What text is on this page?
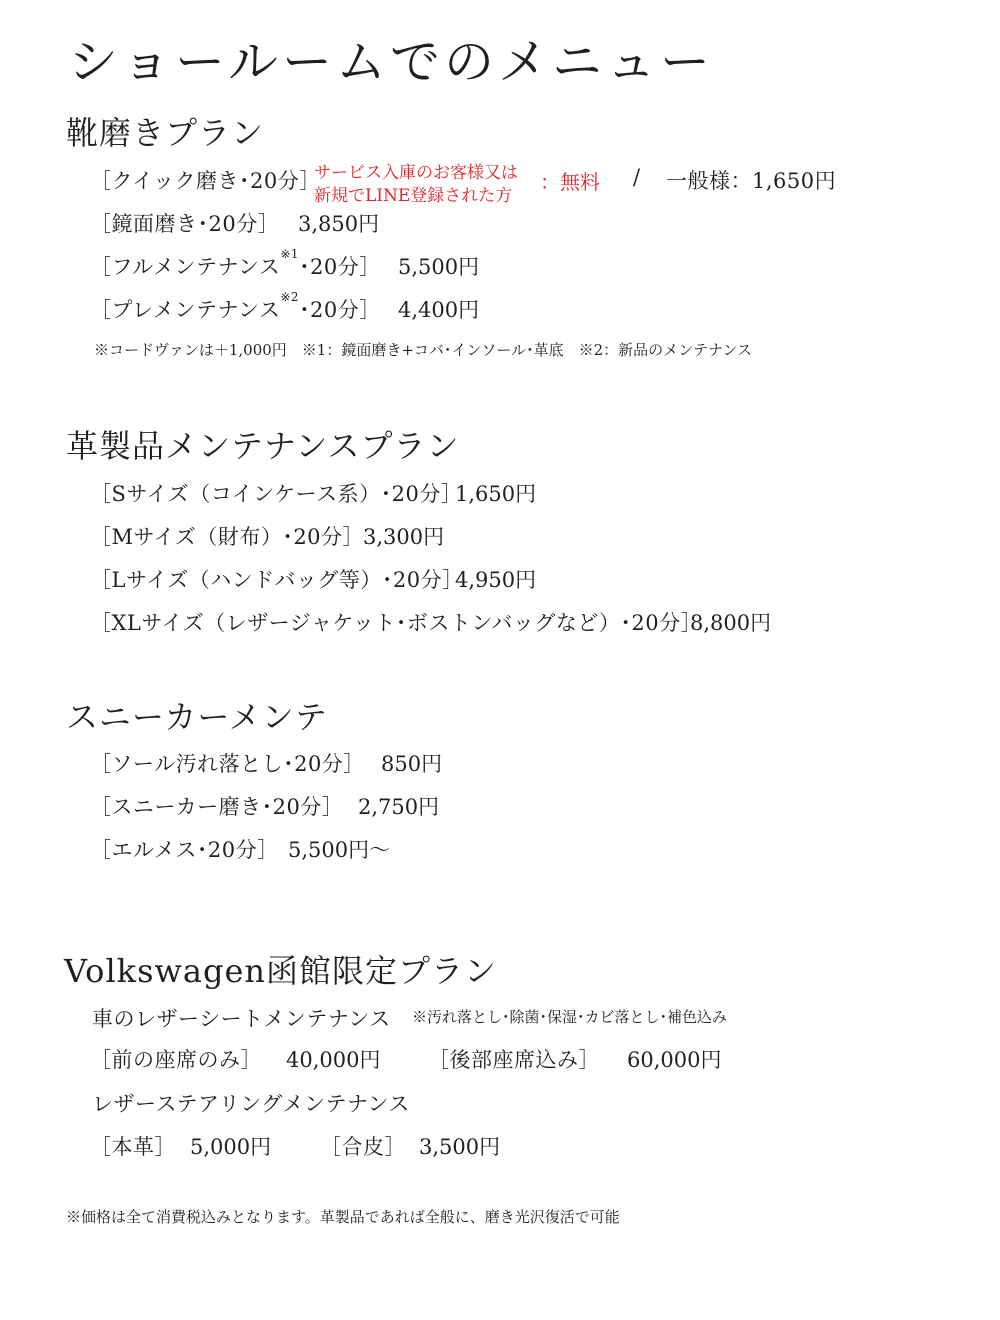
ショールームでのメニュー
靴磨きプラン
［クイック磨き･20分］
サービス入庫のお客様又は
新規でLINE登録された方
：無料 / 一般様：1,650円
［鏡面磨き･20分］ 3,850円
［フルメンテナンス$^{※1}$･20分］ 5,500円
［プレメンテナンス$^{※2}$･20分］ 4,400円
※コードヴァンは＋1,000円　※1：鏡面磨き+コバ･インソール･革底　※2：新品のメンテナンス
革製品メンテナンスプラン
［Sサイズ（コインケース系）･20分］
1,650円
［Mサイズ（財布）･20分］
3,300円
［Lサイズ（ハンドバッグ等）･20分］
4,950円
［XLサイズ（レザージャケット･ボストンバッグなど）･20分］
8,800円
スニーカーメンテ
［ソール汚れ落とし･20分］ 850円
［スニーカー磨き･20分］ 2,750円
［エルメス･20分］ 5,500円～
Volkswagen函館限定プラン
車のレザーシートメンテナンス ※汚れ落とし･除菌･保湿･カビ落とし･補色込み
［前の座席のみ］ 40,000円 ［後部座席込み］ 60,000円
レザーステアリングメンテナンス
［本革］ 5,000円 ［合皮］ 3,500円
※価格は全て消費税込みとなります。革製品であれば全般に、磨き光沢復活で可能
